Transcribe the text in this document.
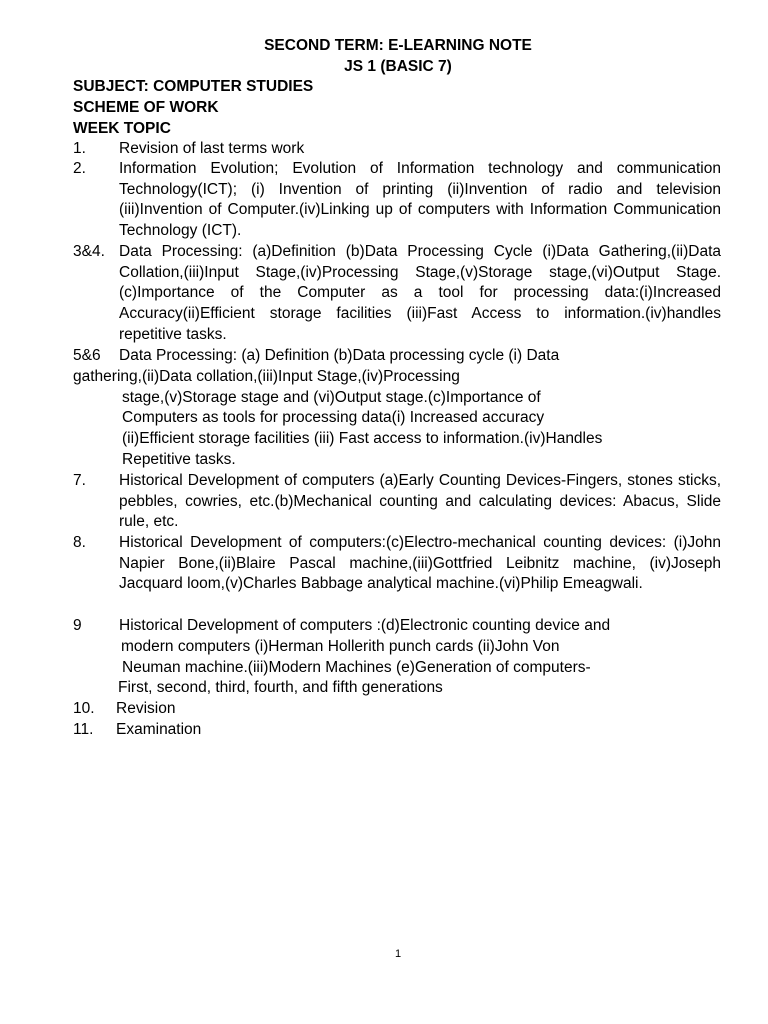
SECOND TERM: E-LEARNING NOTE
JS 1 (BASIC 7)
SUBJECT: COMPUTER STUDIES
SCHEME OF WORK
WEEK TOPIC
1. Revision of last terms work
2. Information Evolution; Evolution of Information technology and communication Technology(ICT); (i) Invention of printing (ii)Invention of radio and television (iii)Invention of Computer.(iv)Linking up of computers with Information Communication Technology (ICT).
3&4. Data Processing: (a)Definition (b)Data Processing Cycle (i)Data Gathering,(ii)Data Collation,(iii)Input Stage,(iv)Processing Stage,(v)Storage stage,(vi)Output Stage. (c)Importance of the Computer as a tool for processing data:(i)Increased Accuracy(ii)Efficient storage facilities (iii)Fast Access to information.(iv)handles repetitive tasks.
5&6 Data Processing: (a) Definition (b)Data processing cycle (i) Data
gathering,(ii)Data collation,(iii)Input Stage,(iv)Processing
stage,(v)Storage stage and (vi)Output stage.(c)Importance of
Computers as tools for processing data(i) Increased accuracy
(ii)Efficient storage facilities (iii) Fast access to information.(iv)Handles
Repetitive tasks.
7. Historical Development of computers (a)Early Counting Devices-Fingers, stones sticks, pebbles, cowries, etc.(b)Mechanical counting and calculating devices: Abacus, Slide rule, etc.
8. Historical Development of computers:(c)Electro-mechanical counting devices: (i)John Napier Bone,(ii)Blaire Pascal machine,(iii)Gottfried Leibnitz machine, (iv)Joseph Jacquard loom,(v)Charles Babbage analytical machine.(vi)Philip Emeagwali.
9 Historical Development of computers :(d)Electronic counting device and
modern computers (i)Herman Hollerith punch cards (ii)John Von
Neuman machine.(iii)Modern Machines (e)Generation of computers-
First, second, third, fourth, and fifth generations
10. Revision
11. Examination
1
